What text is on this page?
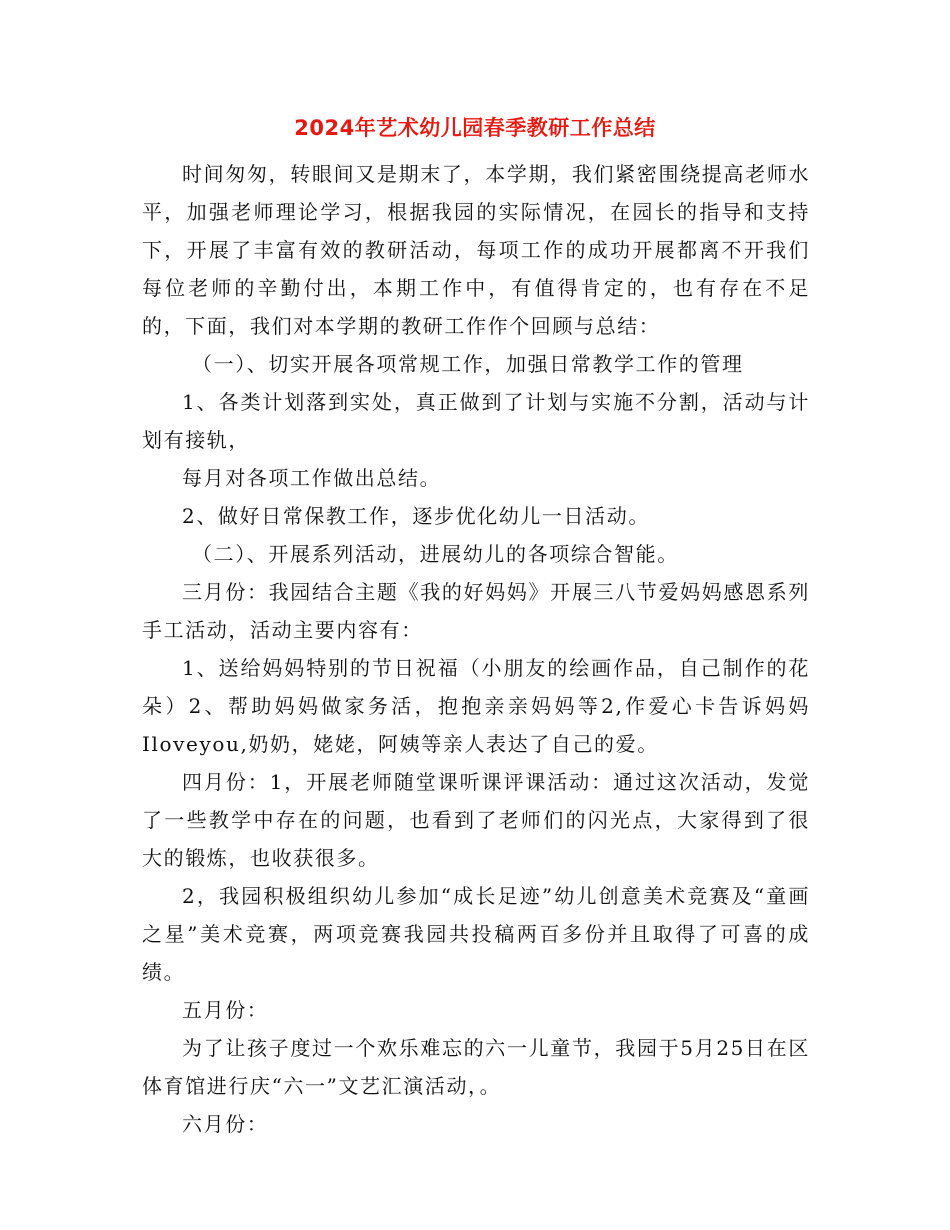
2024年艺术幼儿园春季教研工作总结

时间匆匆，转眼间又是期末了，本学期，我们紧密围绕提高老师水平，加强老师理论学习，根据我园的实际情况，在园长的指导和支持下，开展了丰富有效的教研活动，每项工作的成功开展都离不开我们每位老师的辛勤付出，本期工作中，有值得肯定的，也有存在不足的，下面，我们对本学期的教研工作作个回顾与总结：

（一）、切实开展各项常规工作，加强日常教学工作的管理

1、各类计划落到实处，真正做到了计划与实施不分割，活动与计划有接轨，

每月对各项工作做出总结。

2、做好日常保教工作，逐步优化幼儿一日活动。

（二）、开展系列活动，进展幼儿的各项综合智能。

三月份：我园结合主题《我的好妈妈》开展三八节爱妈妈感恩系列手工活动，活动主要内容有：

1、送给妈妈特别的节日祝福（小朋友的绘画作品，自己制作的花朵）2、帮助妈妈做家务活，抱抱亲亲妈妈等2,作爱心卡告诉妈妈Iloveyou,奶奶，姥姥，阿姨等亲人表达了自己的爱。

四月份：1，开展老师随堂课听课评课活动：通过这次活动，发觉了一些教学中存在的问题，也看到了老师们的闪光点，大家得到了很大的锻炼，也收获很多。

2，我园积极组织幼儿参加“成长足迹”幼儿创意美术竞赛及“童画之星”美术竞赛，两项竞赛我园共投稿两百多份并且取得了可喜的成绩。

五月份：

为了让孩子度过一个欢乐难忘的六一儿童节，我园于5月25日在区体育馆进行庆“六一”文艺汇演活动，。

六月份：
